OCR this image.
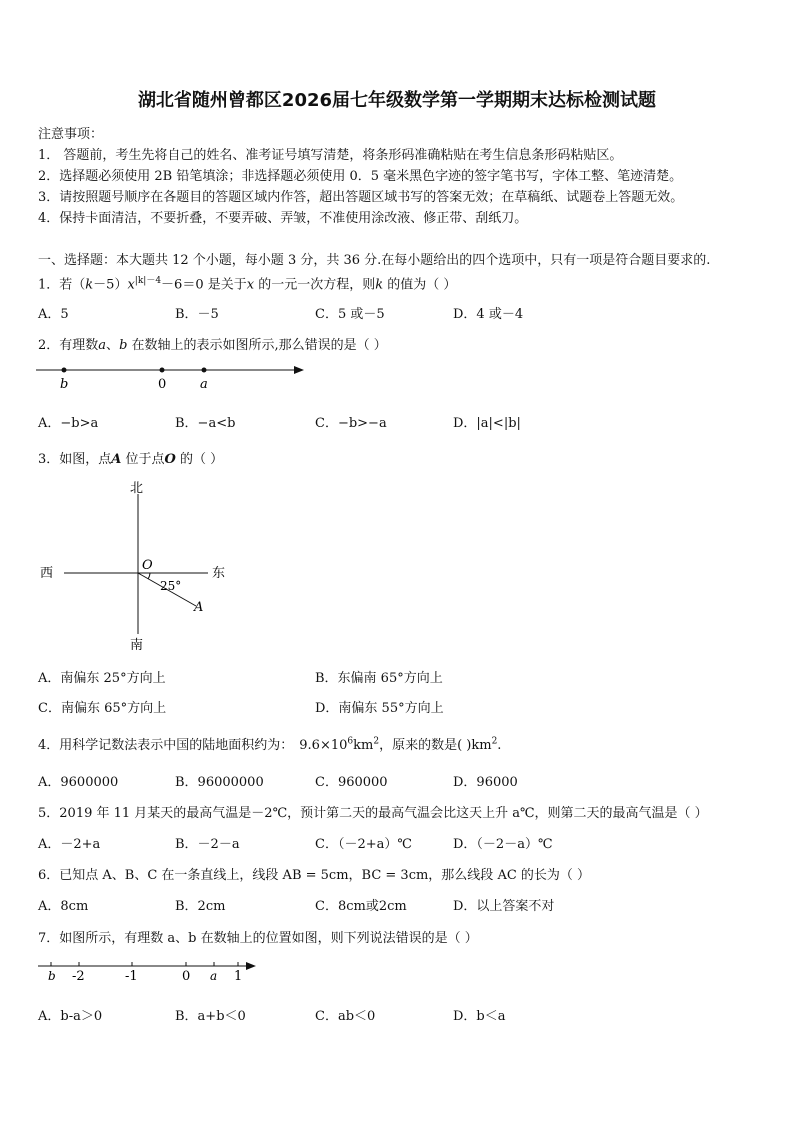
湖北省随州曾都区2026届七年级数学第一学期期末达标检测试题
注意事项：
1． 答题前，考生先将自己的姓名、准考证号填写清楚，将条形码准确粘贴在考生信息条形码粘贴区。
2．选择题必须使用 2B 铅笔填涂；非选择题必须使用 0．5 毫米黑色字迹的签字笔书写，字体工整、笔迹清楚。
3．请按照题号顺序在各题目的答题区域内作答，超出答题区域书写的答案无效；在草稿纸、试题卷上答题无效。
4．保持卡面清洁，不要折叠，不要弄破、弄皱，不准使用涂改液、修正带、刮纸刀。
一、选择题：本大题共 12 个小题，每小题 3 分，共 36 分.在每小题给出的四个选项中，只有一项是符合题目要求的.
1．若$(k-5)x^{|k|-4}-6=0$ 是关于x 的一元一次方程，则k 的值为（ ）
A．5	B．－5	C．5 或－5	D．4 或－4
2．有理数a、b 在数轴上的表示如图所示,那么错误的是（ ）
b	0	a
A．−b>a	B．−a<b	C．−b>−a	D．|a|<|b|
3．如图，点A 位于点O 的（ ）
北
南
东
西
O
A
25°
A．南偏东 25°方向上	B．东偏南 65°方向上
C．南偏东 65°方向上	D．南偏东 55°方向上
4．用科学记数法表示中国的陆地面积约为： $9.6\times 10^6km^2$，原来的数是( )$km^2$.
A．9600000	B．96000000	C．960000	D．96000
5．2019 年 11 月某天的最高气温是－2℃，预计第二天的最高气温会比这天上升 a℃，则第二天的最高气温是（ ）
A．－2+a	B．－2－a	C．（－2+a）℃	D．（－2－a）℃
6．已知点 A、B、C 在一条直线上，线段 AB = 5cm，BC = 3cm，那么线段 AC 的长为（ ）
A．8cm	B．2cm	C．8cm或2cm	D．以上答案不对
7．如图所示，有理数 a、b 在数轴上的位置如图，则下列说法错误的是（ ）
b -2	-1	0 a 1
A．b-a＞0	B．a+b＜0	C．ab＜0	D．b＜a
